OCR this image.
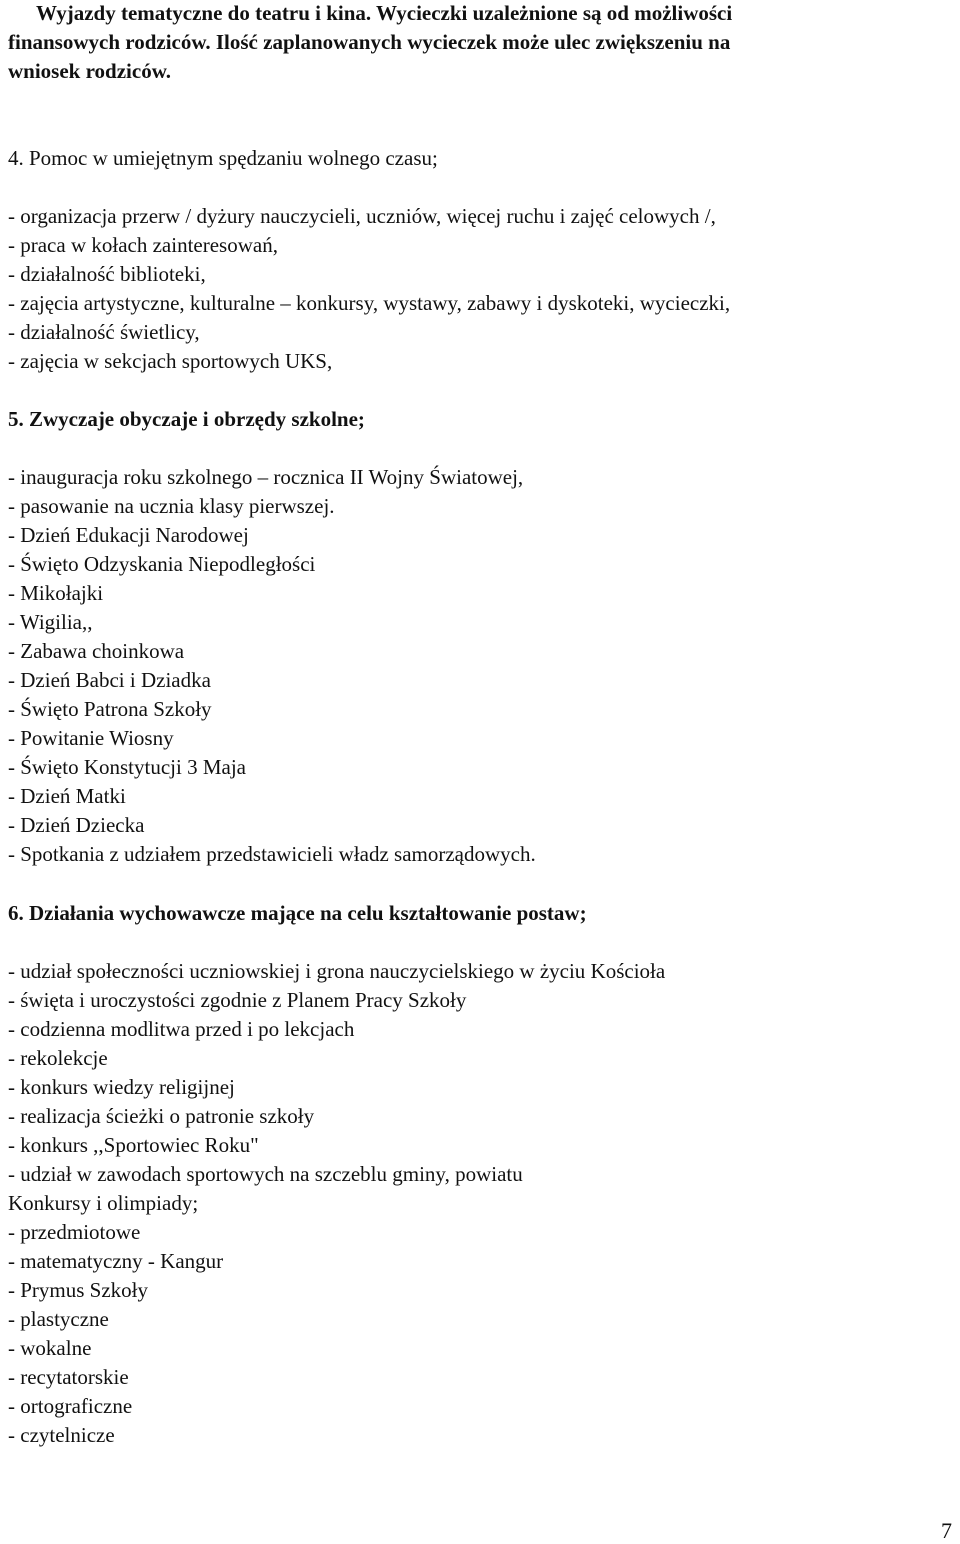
Wyjazdy tematyczne do teatru i kina. Wycieczki uzależnione są od możliwości
finansowych rodziców. Ilość zaplanowanych wycieczek może ulec zwiększeniu na
wniosek rodziców.
4. Pomoc w umiejętnym spędzaniu wolnego czasu;
- organizacja przerw / dyżury nauczycieli, uczniów, więcej ruchu i zajęć celowych /,
- praca w kołach zainteresowań,
- działalność biblioteki,
- zajęcia artystyczne, kulturalne – konkursy, wystawy, zabawy i dyskoteki, wycieczki,
- działalność świetlicy,
- zajęcia w sekcjach sportowych UKS,
5. Zwyczaje obyczaje i obrzędy szkolne;
- inauguracja roku szkolnego – rocznica II Wojny Światowej,
- pasowanie na ucznia klasy pierwszej.
- Dzień Edukacji Narodowej
- Święto Odzyskania Niepodległości
- Mikołajki
- Wigilia,,
- Zabawa choinkowa
- Dzień Babci i Dziadka
- Święto Patrona Szkoły
- Powitanie Wiosny
- Święto Konstytucji 3 Maja
- Dzień Matki
- Dzień Dziecka
- Spotkania z udziałem przedstawicieli władz samorządowych.
6. Działania wychowawcze mające na celu kształtowanie postaw;
- udział społeczności uczniowskiej i grona nauczycielskiego w życiu Kościoła
- święta i uroczystości zgodnie z Planem Pracy Szkoły
- codzienna modlitwa przed i po lekcjach
- rekolekcje
- konkurs wiedzy religijnej
- realizacja ścieżki o patronie szkoły
- konkurs ,,Sportowiec Roku"
- udział w zawodach sportowych na szczeblu gminy, powiatu
Konkursy i olimpiady;
- przedmiotowe
- matematyczny - Kangur
- Prymus Szkoły
- plastyczne
- wokalne
- recytatorskie
- ortograficzne
- czytelnicze
7
